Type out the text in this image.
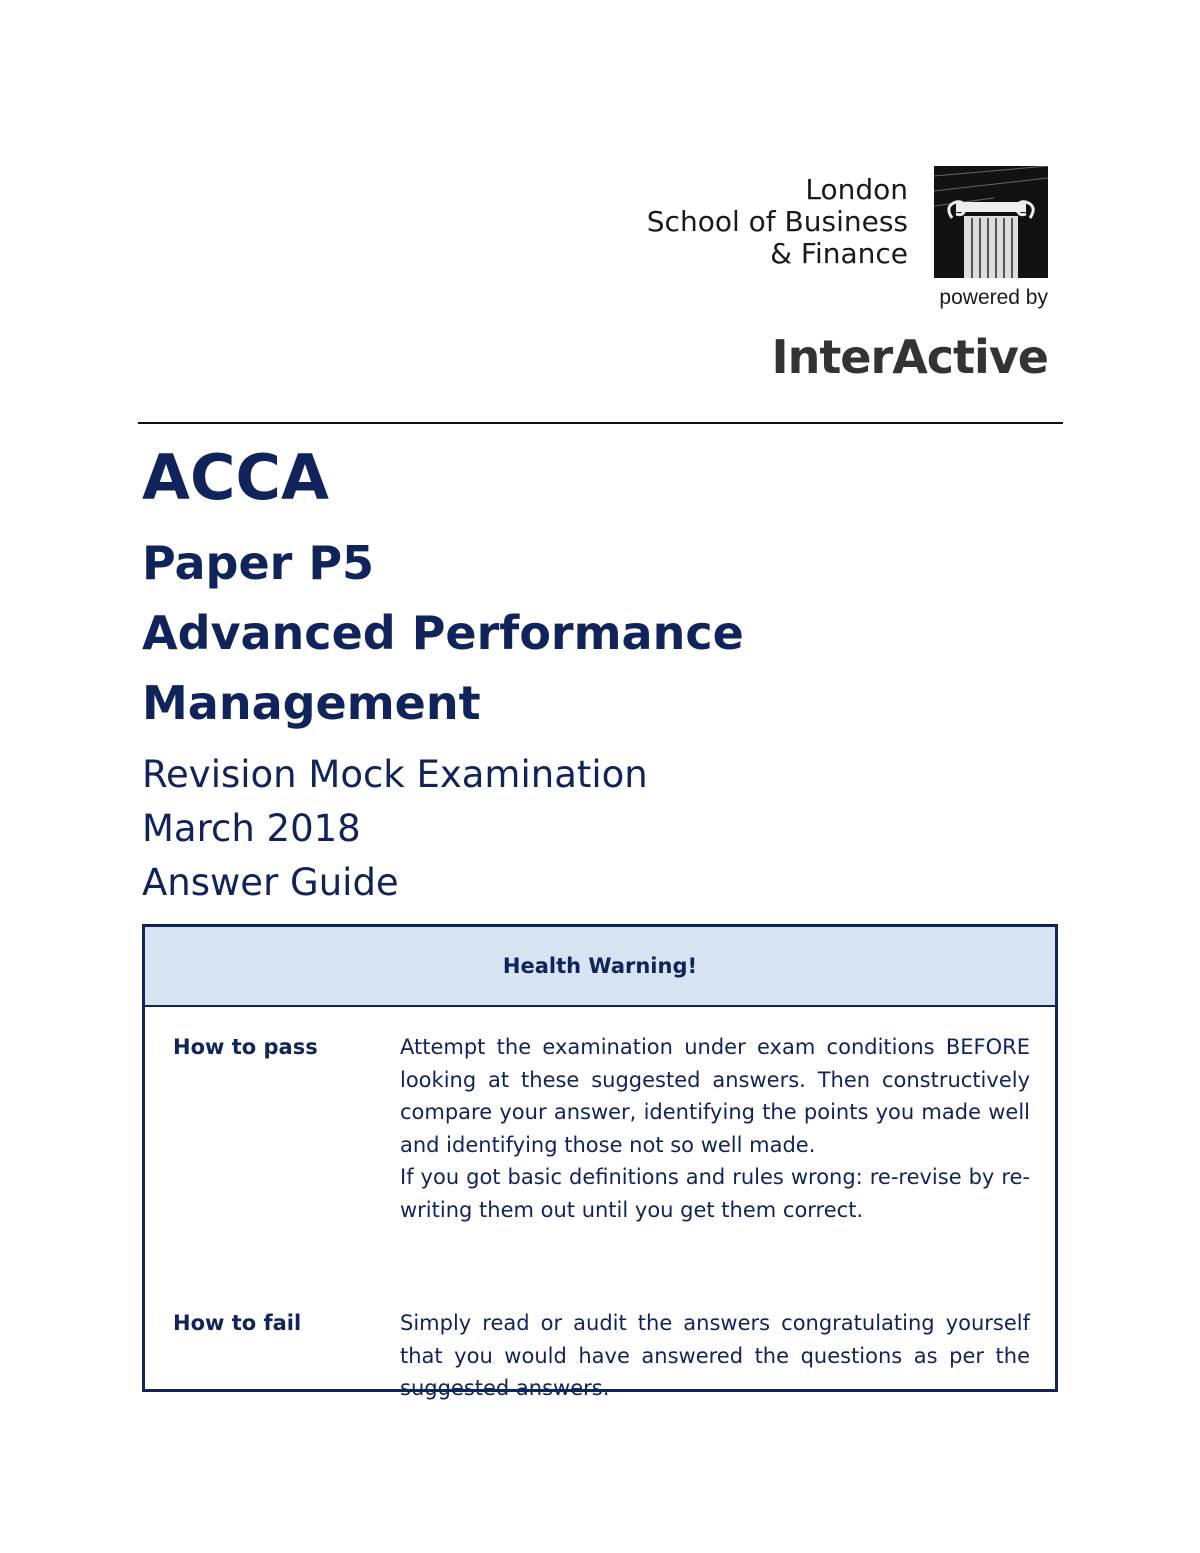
London
School of Business
& Finance
powered by
InterActive
ACCA
Paper P5
Advanced Performance
Management
Revision Mock Examination
March 2018
Answer Guide
Health Warning!
How to pass	Attempt the examination under exam conditions BEFORE looking at these suggested answers. Then constructively compare your answer, identifying the points you made well and identifying those not so well made.
If you got basic definitions and rules wrong: re-revise by re-writing them out until you get them correct.
How to fail	Simply read or audit the answers congratulating yourself that you would have answered the questions as per the suggested answers.
